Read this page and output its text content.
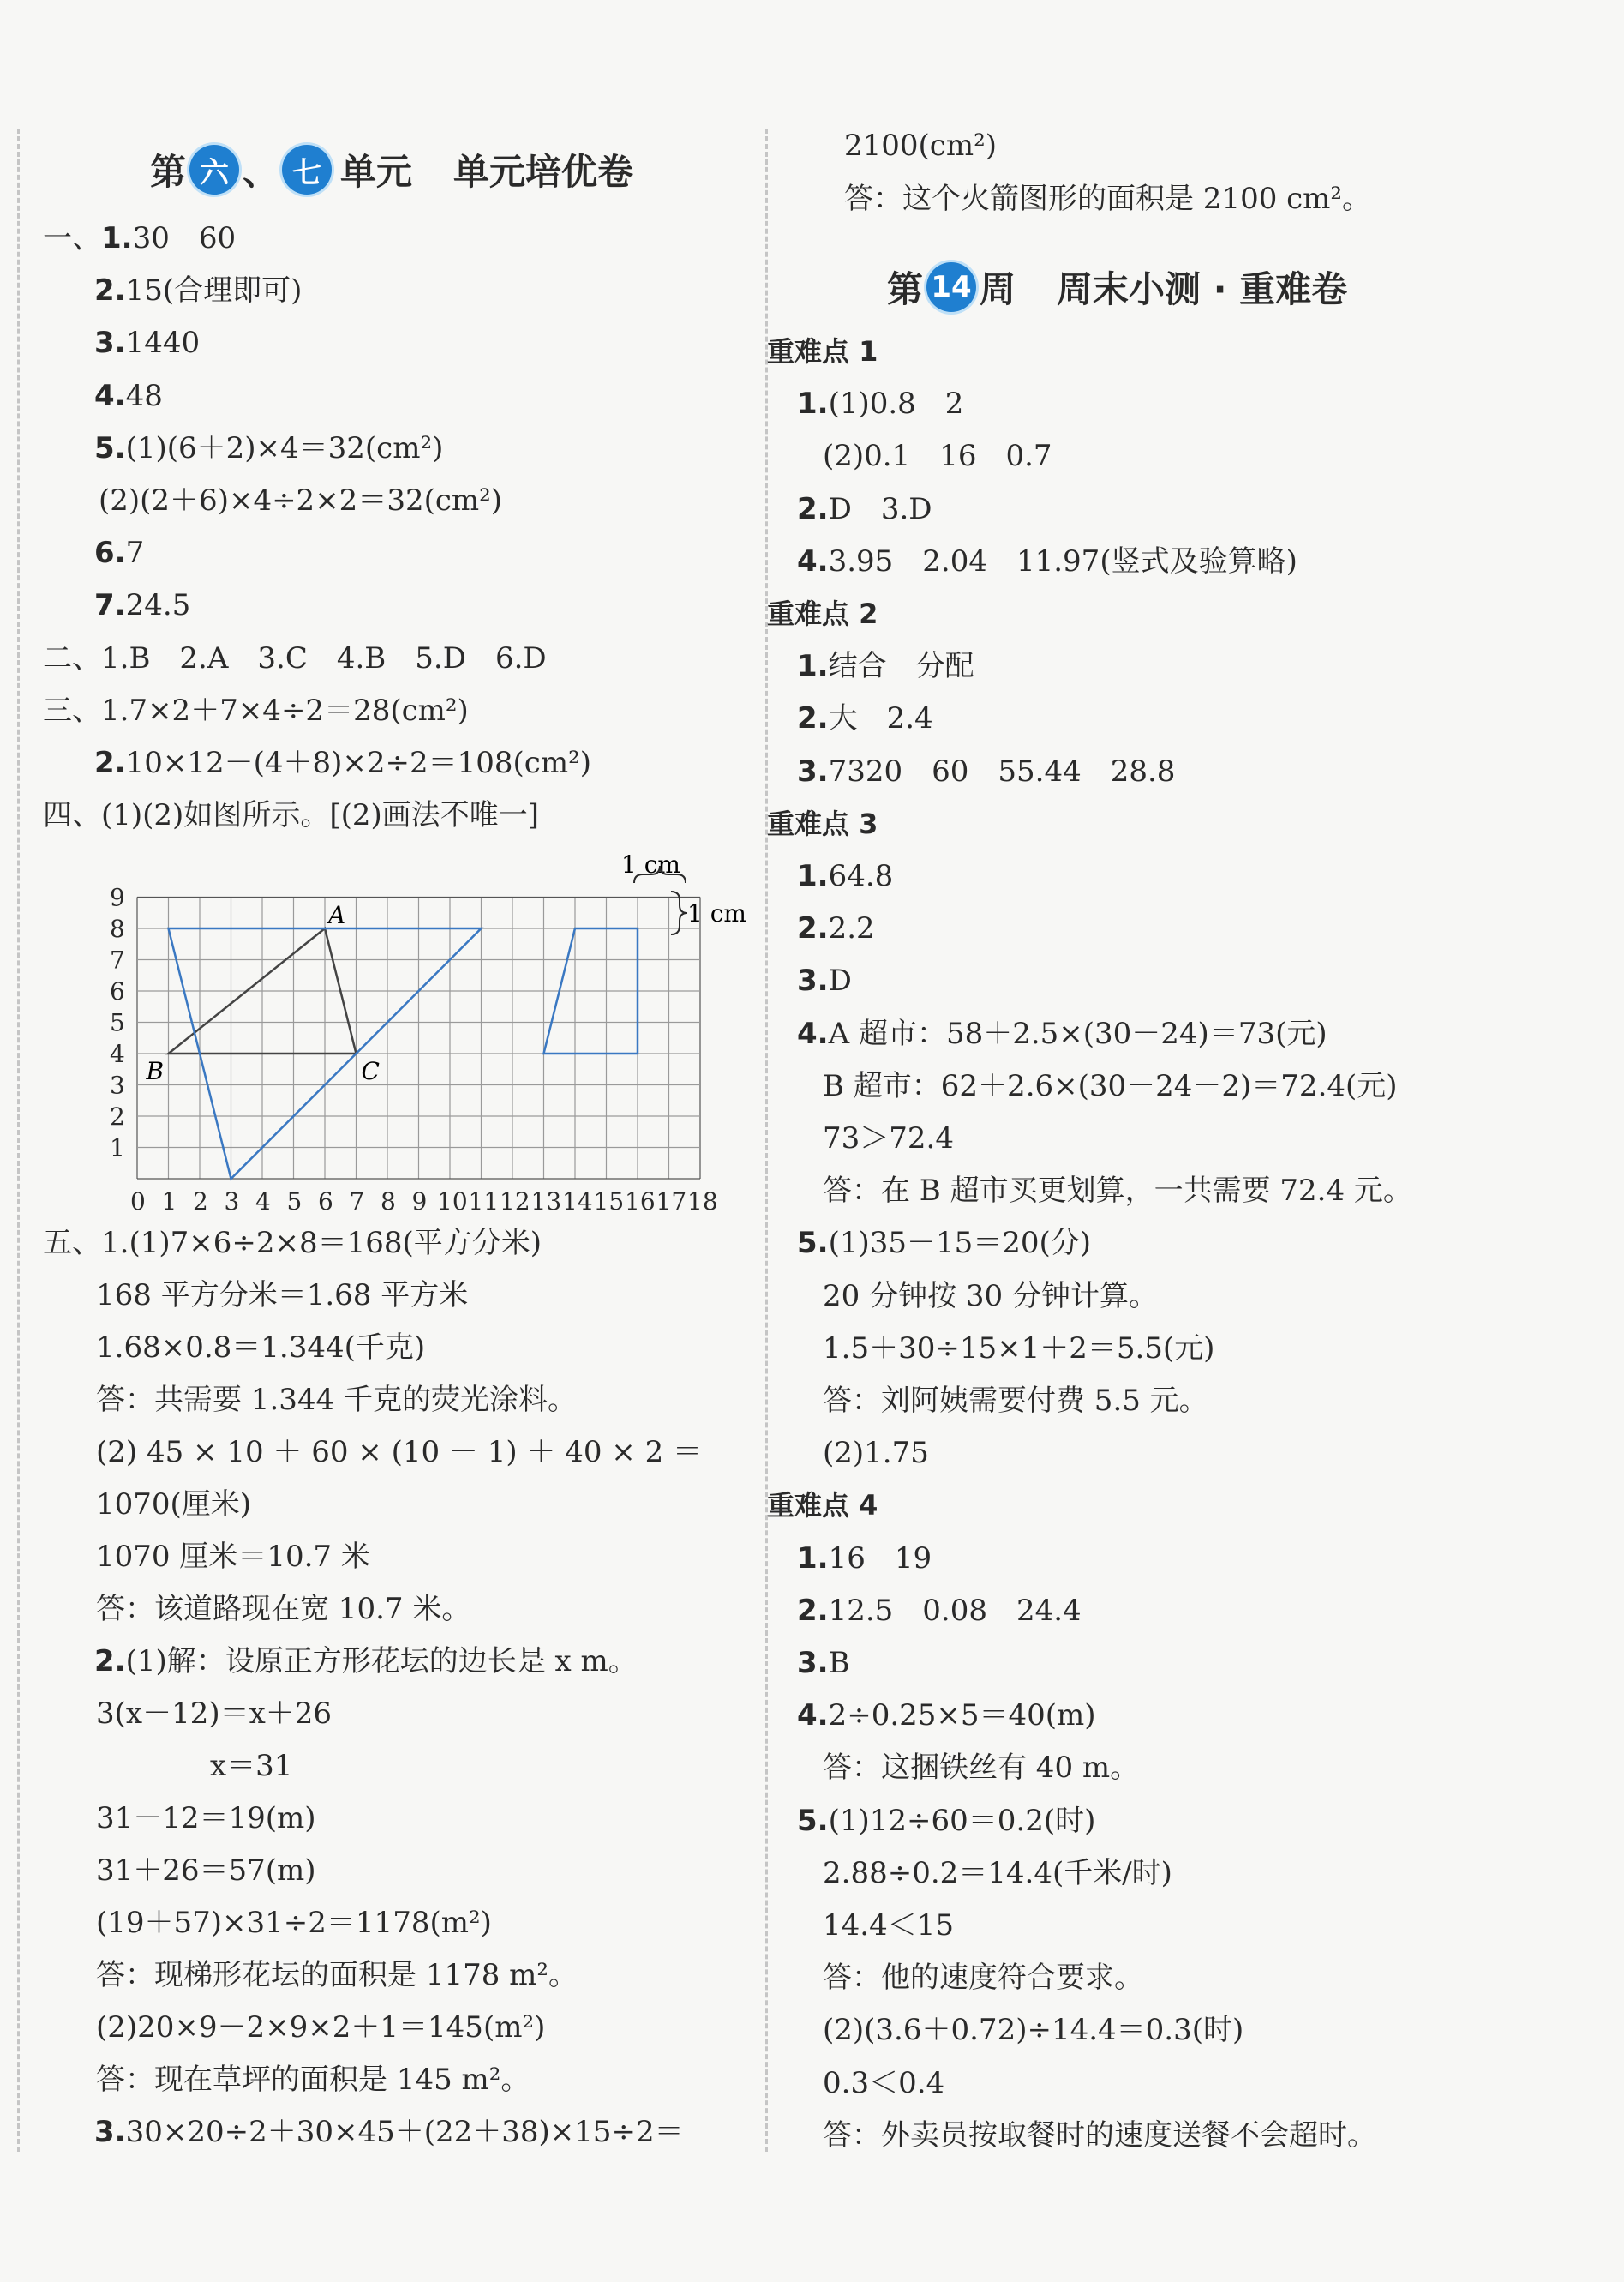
第 六 、 七 单元 单元培优卷
一、1.30　60
2.15(合理即可)
3.1440
4.48
5.(1)(6＋2)×4＝32(cm²)
(2)(2＋6)×4÷2×2＝32(cm²)
6.7
7.24.5
二、1.B　2.A　3.C　4.B　5.D　6.D
三、1.7×2＋7×4÷2＝28(cm²)
2.10×12－(4＋8)×2÷2＝108(cm²)
四、(1)(2)如图所示。[(2)画法不唯一]
五、1.(1)7×6÷2×8＝168(平方分米)
168 平方分米＝1.68 平方米
1.68×0.8＝1.344(千克)
答：共需要 1.344 千克的荧光涂料。
(2) 45 × 10 ＋ 60 × (10 － 1) ＋ 40 × 2 ＝
1070(厘米)
1070 厘米＝10.7 米
答：该道路现在宽 10.7 米。
2.(1)解：设原正方形花坛的边长是 x m。
3(x－12)＝x＋26
x＝31
31－12＝19(m)
31＋26＝57(m)
(19＋57)×31÷2＝1178(m²)
答：现梯形花坛的面积是 1178 m²。
(2)20×9－2×9×2＋1＝145(m²)
答：现在草坪的面积是 145 m²。
3.30×20÷2＋30×45＋(22＋38)×15÷2＝
0 1 2 3 4 5 6 7 8 9 10 11 12 13 14 15 16 17 18
1
2
3
4
5
6
7
8
9
A
B	C
1 cm
1 cm
2100(cm²)
答：这个火箭图形的面积是 2100 cm²。
第 14 周 周末小测 · 重难卷
重难点 1
1.(1)0.8　2
(2)0.1　16　0.7
2.D　3.D
4.3.95　2.04　11.97(竖式及验算略)
重难点 2
1.结合　分配
2.大　2.4
3.7320　60　55.44　28.8
重难点 3
1.64.8
2.2.2
3.D
4.A 超市：58＋2.5×(30－24)＝73(元)
B 超市：62＋2.6×(30－24－2)＝72.4(元)
73＞72.4
答：在 B 超市买更划算，一共需要 72.4 元。
5.(1)35－15＝20(分)
20 分钟按 30 分钟计算。
1.5＋30÷15×1＋2＝5.5(元)
答：刘阿姨需要付费 5.5 元。
(2)1.75
重难点 4
1.16　19
2.12.5　0.08　24.4
3.B
4.2÷0.25×5＝40(m)
答：这捆铁丝有 40 m。
5.(1)12÷60＝0.2(时)
2.88÷0.2＝14.4(千米/时)
14.4＜15
答：他的速度符合要求。
(2)(3.6＋0.72)÷14.4＝0.3(时)
0.3＜0.4
答：外卖员按取餐时的速度送餐不会超时。
